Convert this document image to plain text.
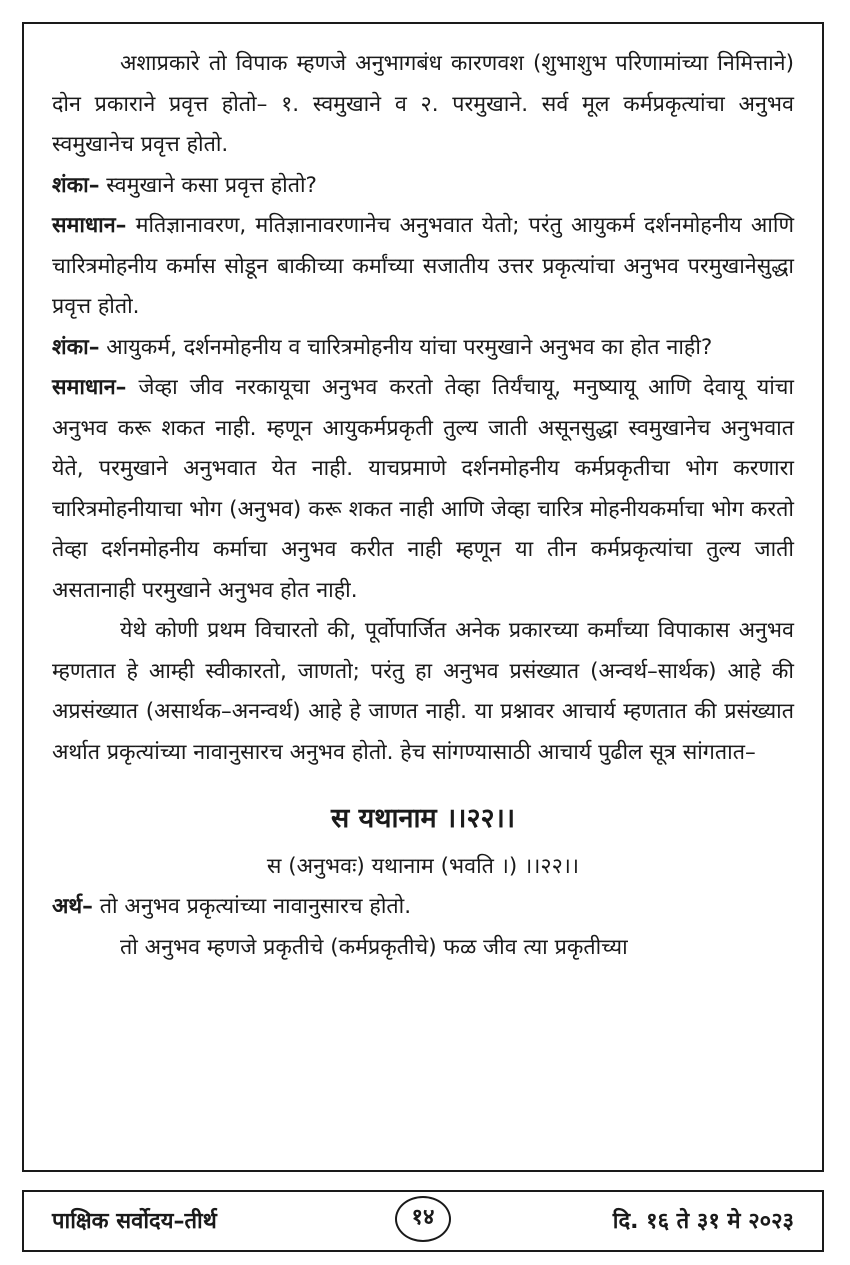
अशाप्रकारे तो विपाक म्हणजे अनुभागबंध कारणवश (शुभाशुभ परिणामांच्या निमित्ताने) दोन प्रकाराने प्रवृत्त होतो– १. स्वमुखाने व २. परमुखाने. सर्व मूल कर्मप्रकृत्यांचा अनुभव स्वमुखानेच प्रवृत्त होतो.

शंका– स्वमुखाने कसा प्रवृत्त होतो?

समाधान– मतिज्ञानावरण, मतिज्ञानावरणानेच अनुभवात येतो; परंतु आयुकर्म दर्शनमोहनीय आणि चारित्रमोहनीय कर्मास सोडून बाकीच्या कर्मांच्या सजातीय उत्तर प्रकृत्यांचा अनुभव परमुखानेसुद्धा प्रवृत्त होतो.

शंका– आयुकर्म, दर्शनमोहनीय व चारित्रमोहनीय यांचा परमुखाने अनुभव का होत नाही?

समाधान– जेव्हा जीव नरकायूचा अनुभव करतो तेव्हा तिर्यंचायू, मनुष्यायू आणि देवायू यांचा अनुभव करू शकत नाही. म्हणून आयुकर्मप्रकृती तुल्य जाती असूनसुद्धा स्वमुखानेच अनुभवात येते, परमुखाने अनुभवात येत नाही. याचप्रमाणे दर्शनमोहनीय कर्मप्रकृतीचा भोग करणारा चारित्रमोहनीयाचा भोग (अनुभव) करू शकत नाही आणि जेव्हा चारित्र मोहनीयकर्माचा भोग करतो तेव्हा दर्शनमोहनीय कर्माचा अनुभव करीत नाही म्हणून या तीन कर्मप्रकृत्यांचा तुल्य जाती असतानाही परमुखाने अनुभव होत नाही.

येथे कोणी प्रथम विचारतो की, पूर्वोपार्जित अनेक प्रकारच्या कर्मांच्या विपाकास अनुभव म्हणतात हे आम्ही स्वीकारतो, जाणतो; परंतु हा अनुभव प्रसंख्यात (अन्वर्थ–सार्थक) आहे की अप्रसंख्यात (असार्थक–अनन्वर्थ) आहे हे जाणत नाही. या प्रश्नावर आचार्य म्हणतात की प्रसंख्यात अर्थात प्रकृत्यांच्या नावानुसारच अनुभव होतो. हेच सांगण्यासाठी आचार्य पुढील सूत्र सांगतात–

स यथानाम ।।२२।।

स (अनुभवः) यथानाम (भवति ।) ।।२२।।

अर्थ– तो अनुभव प्रकृत्यांच्या नावानुसारच होतो.

तो अनुभव म्हणजे प्रकृतीचे (कर्मप्रकृतीचे) फळ जीव त्या प्रकृतीच्या

पाक्षिक सर्वोदय–तीर्थ	१४	दि. १६ ते ३१ मे २०२३
